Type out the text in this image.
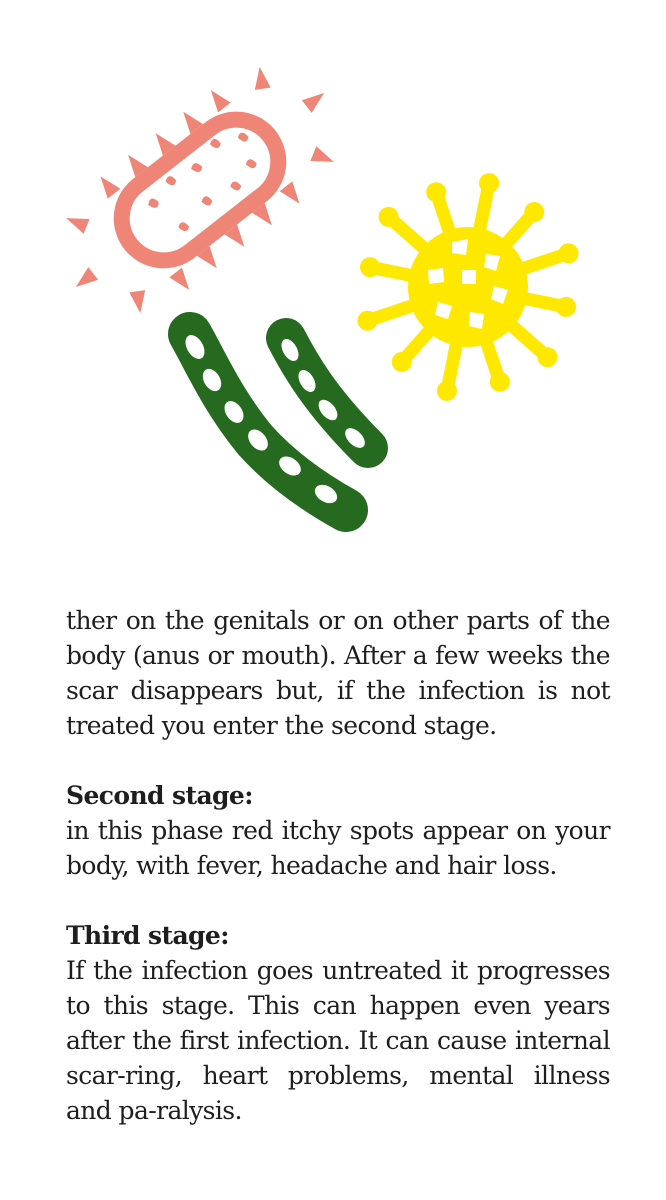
ther on the genitals or on other parts of the body (anus or mouth). After a few weeks the scar disappears but, if the infection is not treated you enter the second stage.

Second stage:

in this phase red itchy spots appear on your body, with fever, headache and hair loss.

Third stage:

If the infection goes untreated it progresses to this stage. This can happen even years after the first infection. It can cause internal scar-ring, heart problems, mental illness and pa-ralysis.
